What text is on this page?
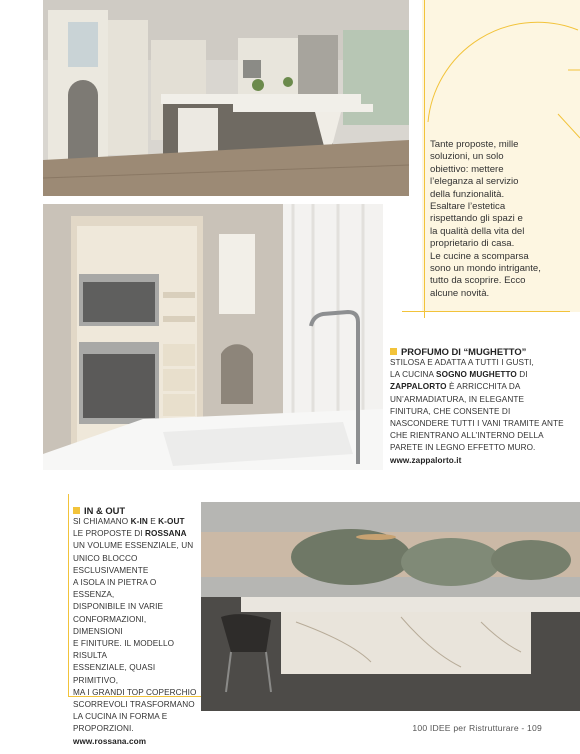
Tante proposte, mille

soluzioni, un solo

obiettivo: mettere

l’eleganza al servizio

della funzionalità.

Esaltare l’estetica

rispettando gli spazi e

la qualità della vita del

proprietario di casa.

Le cucine a scomparsa

sono un mondo intrigante,

tutto da scoprire. Ecco

alcune novità.

PROFUMO DI “MUGHETTO”
STILOSA E ADATTA A TUTTI I GUSTI,
LA CUCINA SOGNO MUGHETTO DI
ZAPPALORTO È ARRICCHITA DA
UN’ARMADIATURA, IN ELEGANTE
FINITURA, CHE CONSENTE DI
NASCONDERE TUTTI I VANI TRAMITE ANTE
CHE RIENTRANO ALL’INTERNO DELLA
PARETE IN LEGNO EFFETTO MURO.
www.zappalorto.it
IN & OUT
SI CHIAMANO K-IN E K-OUT
LE PROPOSTE DI ROSSANA
UN VOLUME ESSENZIALE, UN
UNICO BLOCCO ESCLUSIVAMENTE
A ISOLA IN PIETRA O ESSENZA,
DISPONIBILE IN VARIE
CONFORMAZIONI, DIMENSIONI
E FINITURE. IL MODELLO RISULTA
ESSENZIALE, QUASI PRIMITIVO,
MA I GRANDI TOP COPERCHIO
SCORREVOLI TRASFORMANO
LA CUCINA IN FORMA E
PROPORZIONI.
www.rossana.com
100 IDEE per Ristrutturare - 109
